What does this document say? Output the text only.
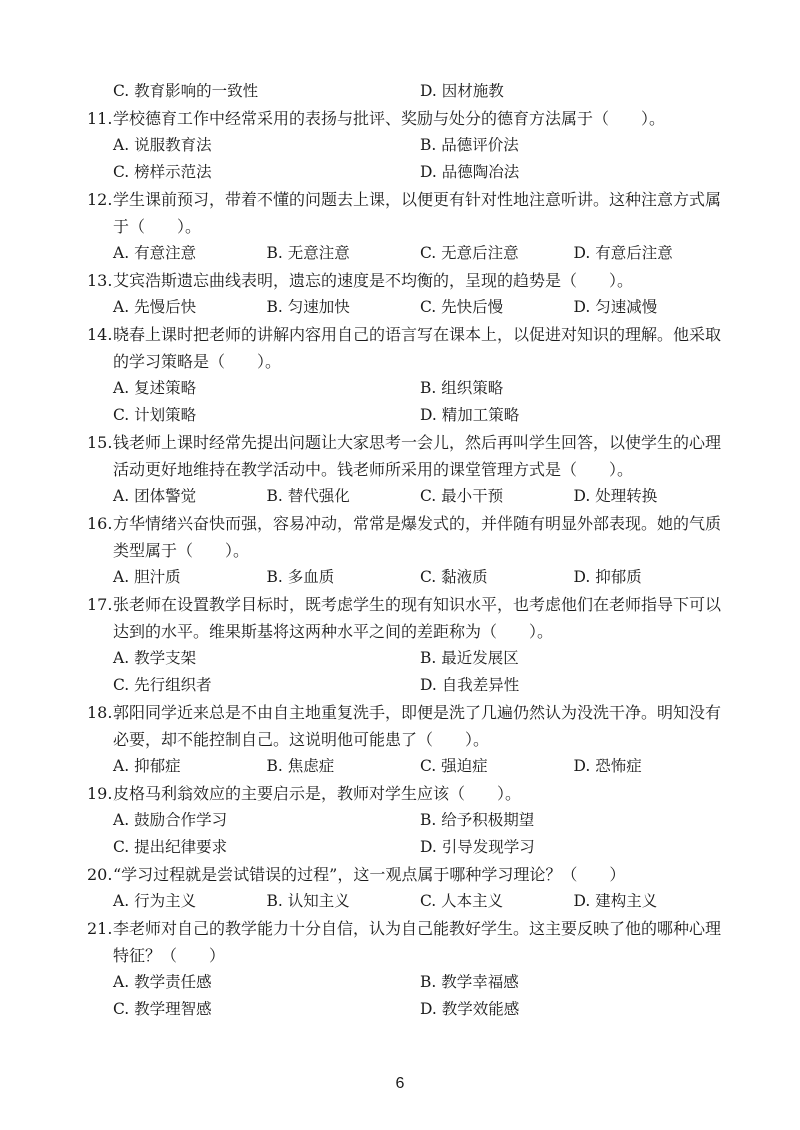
C. 教育影响的一致性	D. 因材施教
11. 学校德育工作中经常采用的表扬与批评、奖励与处分的德育方法属于（　　）。
A. 说服教育法	B. 品德评价法
C. 榜样示范法	D. 品德陶冶法
12. 学生课前预习，带着不懂的问题去上课，以便更有针对性地注意听讲。这种注意方式属于（　　）。
A. 有意注意	B. 无意注意	C. 无意后注意	D. 有意后注意
13. 艾宾浩斯遗忘曲线表明，遗忘的速度是不均衡的，呈现的趋势是（　　）。
A. 先慢后快	B. 匀速加快	C. 先快后慢	D. 匀速减慢
14. 晓春上课时把老师的讲解内容用自己的语言写在课本上，以促进对知识的理解。他采取的学习策略是（　　）。
A. 复述策略	B. 组织策略
C. 计划策略	D. 精加工策略
15. 钱老师上课时经常先提出问题让大家思考一会儿，然后再叫学生回答，以使学生的心理活动更好地维持在教学活动中。钱老师所采用的课堂管理方式是（　　）。
A. 团体警觉	B. 替代强化	C. 最小干预	D. 处理转换
16. 方华情绪兴奋快而强，容易冲动，常常是爆发式的，并伴随有明显外部表现。她的气质类型属于（　　）。
A. 胆汁质	B. 多血质	C. 黏液质	D. 抑郁质
17. 张老师在设置教学目标时，既考虑学生的现有知识水平，也考虑他们在老师指导下可以达到的水平。维果斯基将这两种水平之间的差距称为（　　）。
A. 教学支架	B. 最近发展区
C. 先行组织者	D. 自我差异性
18. 郭阳同学近来总是不由自主地重复洗手，即便是洗了几遍仍然认为没洗干净。明知没有必要，却不能控制自己。这说明他可能患了（　　）。
A. 抑郁症	B. 焦虑症	C. 强迫症	D. 恐怖症
19. 皮格马利翁效应的主要启示是，教师对学生应该（　　）。
A. 鼓励合作学习	B. 给予积极期望
C. 提出纪律要求	D. 引导发现学习
20. “学习过程就是尝试错误的过程”，这一观点属于哪种学习理论？（　　）
A. 行为主义	B. 认知主义	C. 人本主义	D. 建构主义
21. 李老师对自己的教学能力十分自信，认为自己能教好学生。这主要反映了他的哪种心理特征？（　　）
A. 教学责任感	B. 教学幸福感
C. 教学理智感	D. 教学效能感
6
